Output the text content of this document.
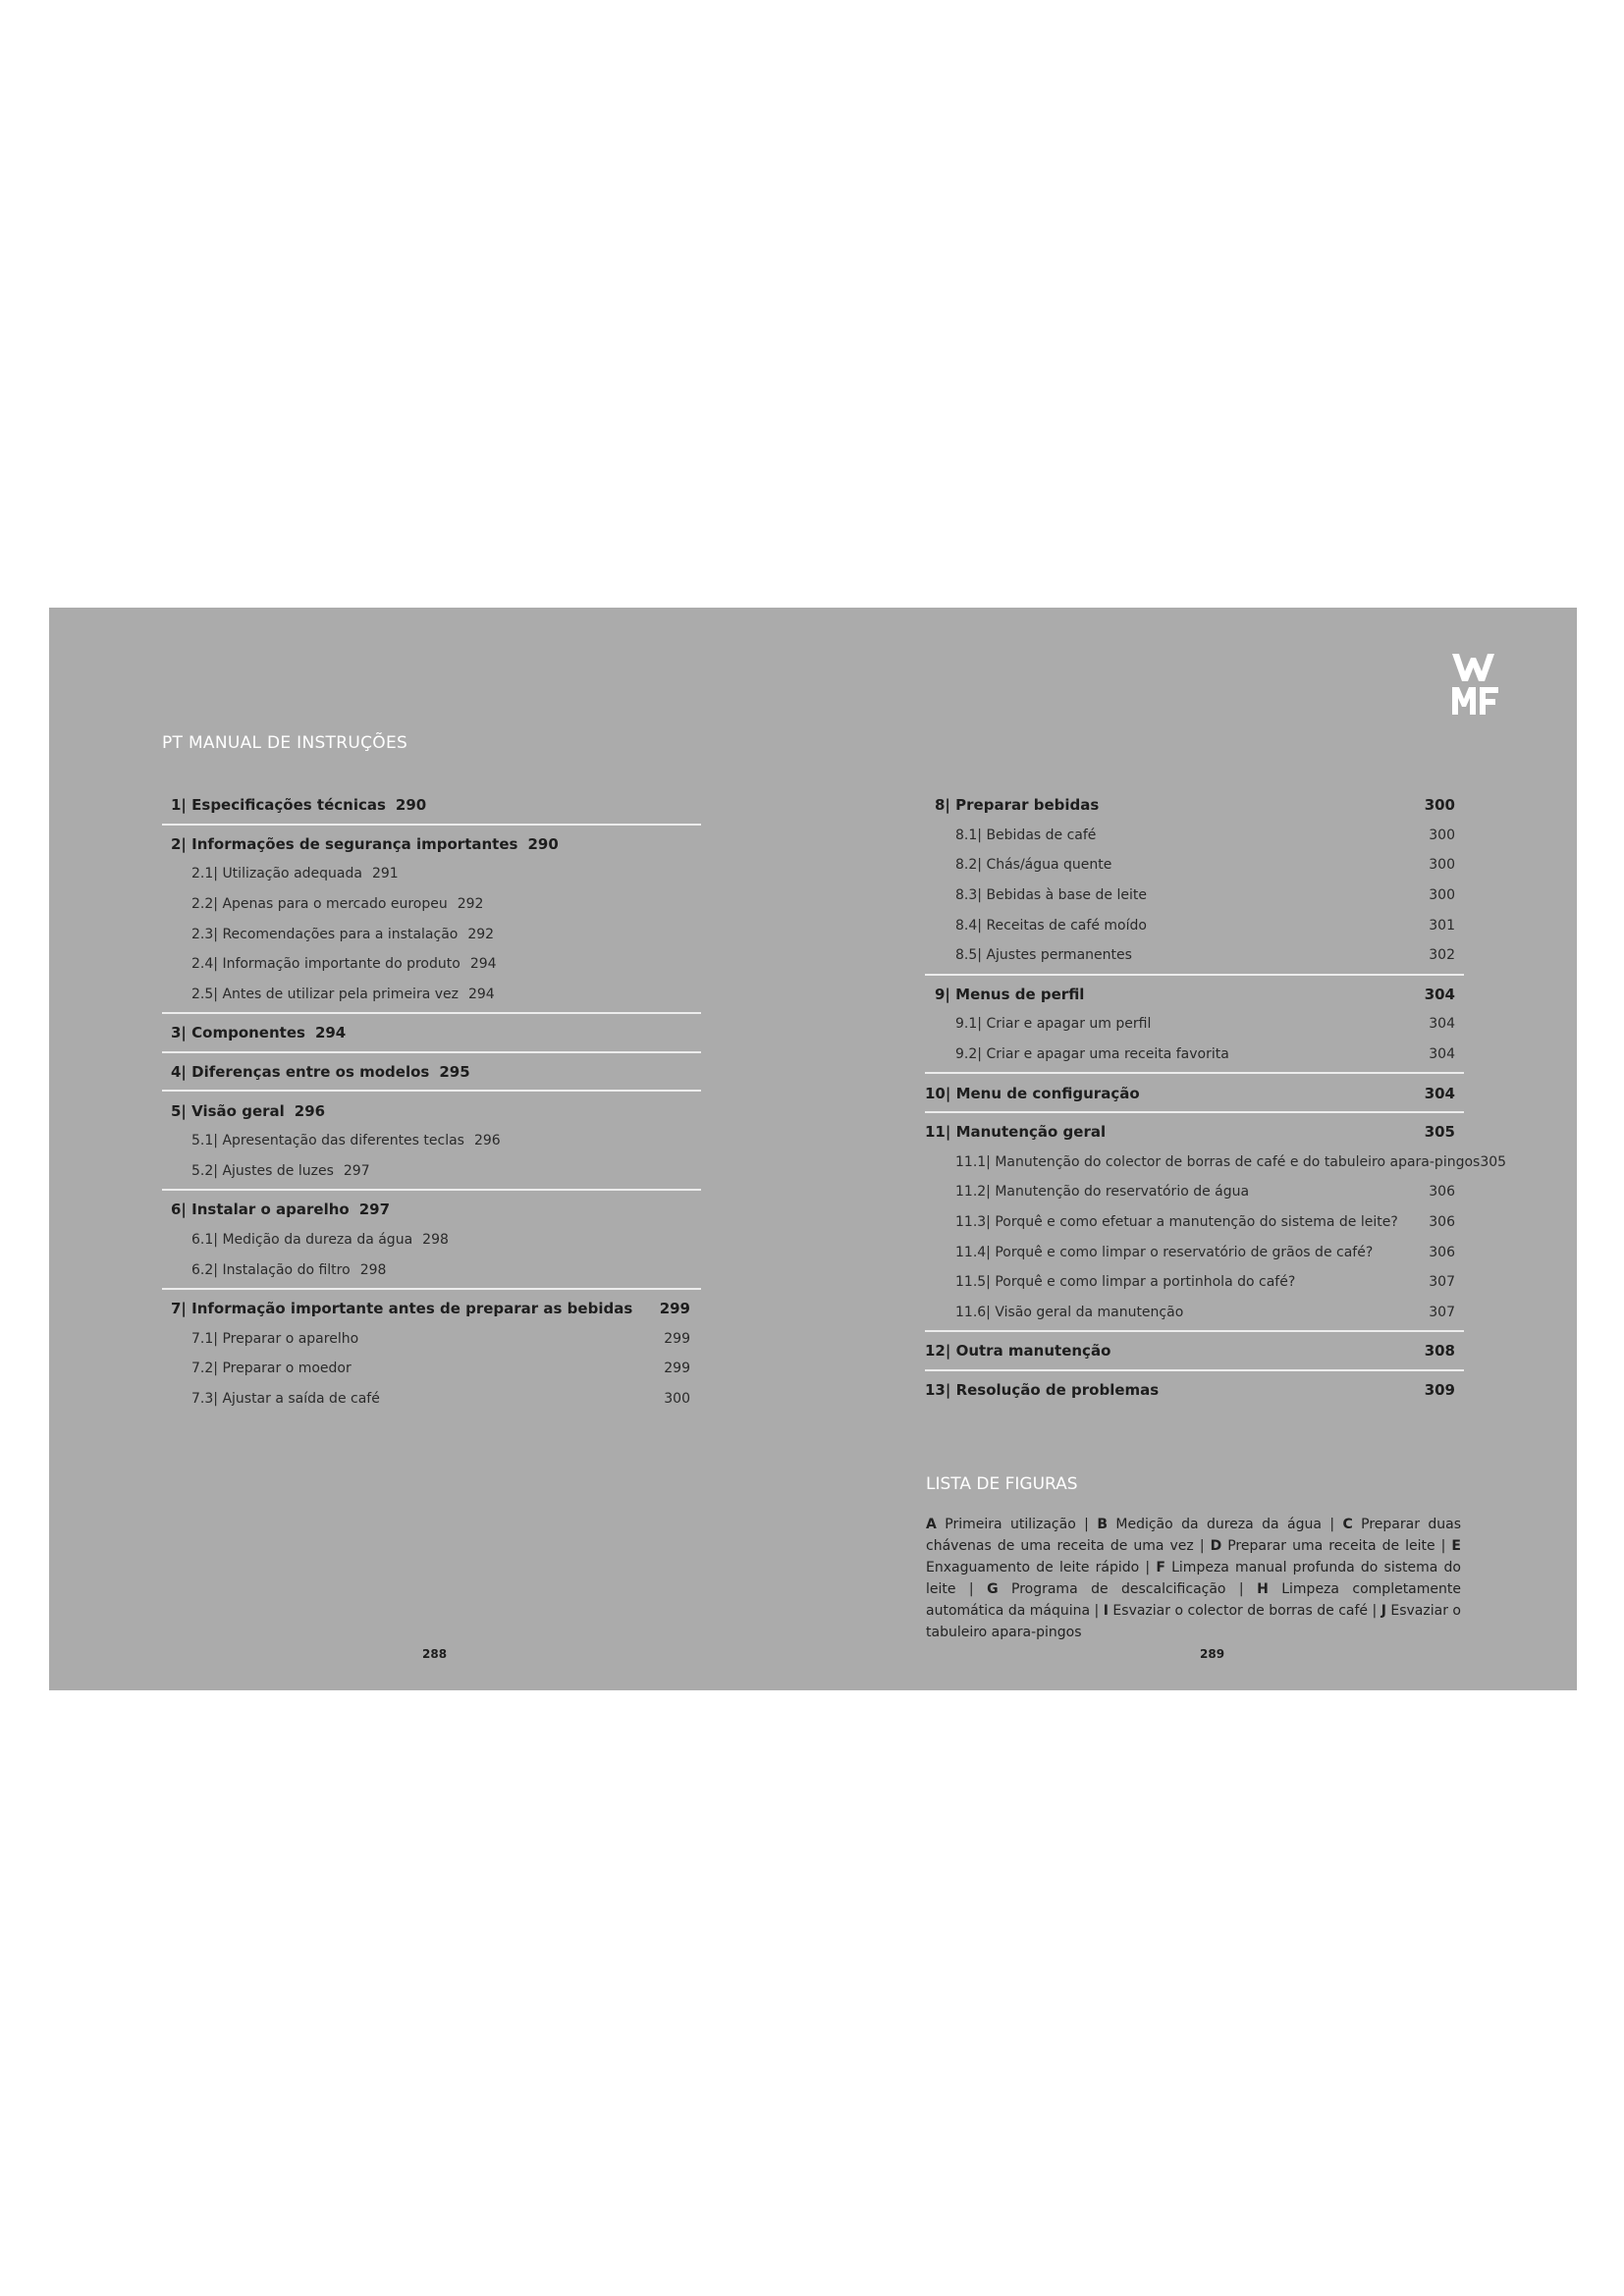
PT MANUAL DE INSTRUÇÕES
1| Especificações técnicas 290
2| Informações de segurança importantes 290
2.1| Utilização adequada 291
2.2| Apenas para o mercado europeu 292
2.3| Recomendações para a instalação 292
2.4| Informação importante do produto 294
2.5| Antes de utilizar pela primeira vez 294
3| Componentes 294
4| Diferenças entre os modelos 295
5| Visão geral 296
5.1| Apresentação das diferentes teclas 296
5.2| Ajustes de luzes 297
6| Instalar o aparelho 297
6.1| Medição da dureza da água 298
6.2| Instalação do filtro 298
7| Informação importante antes de preparar as bebidas 299
7.1| Preparar o aparelho	299
7.2| Preparar o moedor	299
7.3| Ajustar a saída de café	300
8| Preparar bebidas	300
8.1| Bebidas de café	300
8.2| Chás/água quente	300
8.3| Bebidas à base de leite	300
8.4| Receitas de café moído	301
8.5| Ajustes permanentes	302
9| Menus de perfil	304
9.1| Criar e apagar um perfil	304
9.2| Criar e apagar uma receita favorita	304
10| Menu de configuração	304
11| Manutenção geral	305
11.1| Manutenção do colector de borras de café e do tabuleiro apara-pingos 305
11.2| Manutenção do reservatório de água	306
11.3| Porquê e como efetuar a manutenção do sistema de leite? 306
11.4| Porquê e como limpar o reservatório de grãos de café?	306
11.5| Porquê e como limpar a portinhola do café?	307
11.6| Visão geral da manutenção	307
12| Outra manutenção	308
13| Resolução de problemas	309
LISTA DE FIGURAS
A Primeira utilização | B Medição da dureza da água | C Preparar duas chávenas de uma receita de uma vez | D Preparar uma receita de leite | E Enxaguamento de leite rápido | F Limpeza manual profunda do sistema do leite | G Programa de descalcificação | H Limpeza completamente automática da máquina | I Esvaziar o colector de borras de café | J Esvaziar o tabuleiro apara-pingos
288	289
